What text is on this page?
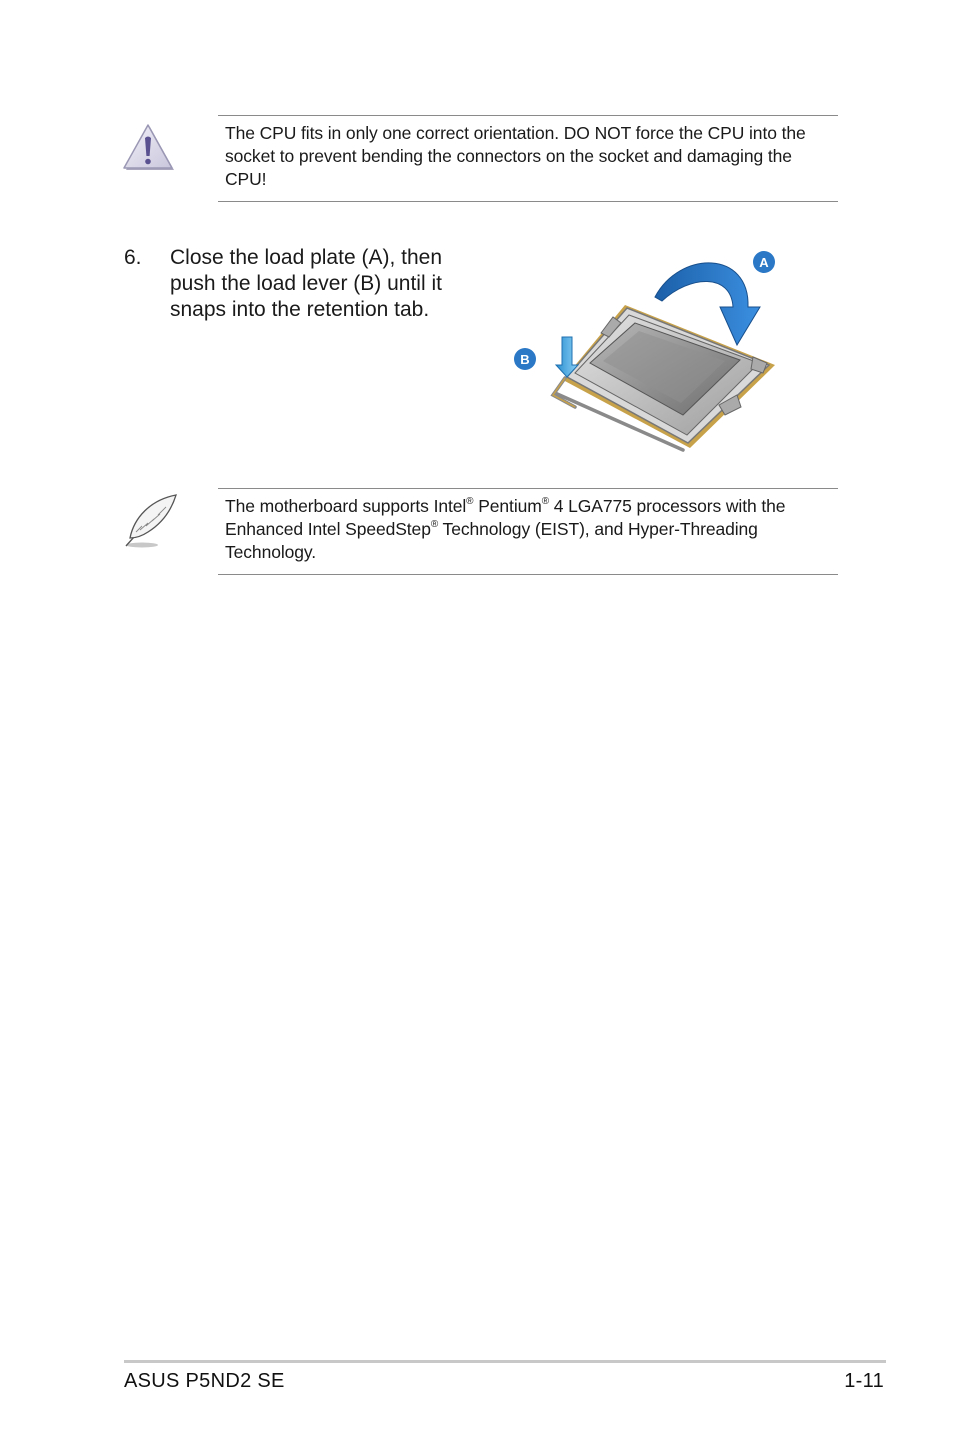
The CPU fits in only one correct orientation. DO NOT force the CPU into the socket to prevent bending the connectors on the socket and damaging the CPU!
6. Close the load plate (A), then push the load lever (B) until it snaps into the retention tab.
A
B
The motherboard supports Intel® Pentium® 4 LGA775 processors with the Enhanced Intel SpeedStep® Technology (EIST), and Hyper-Threading Technology.
ASUS P5ND2 SE	1-11
